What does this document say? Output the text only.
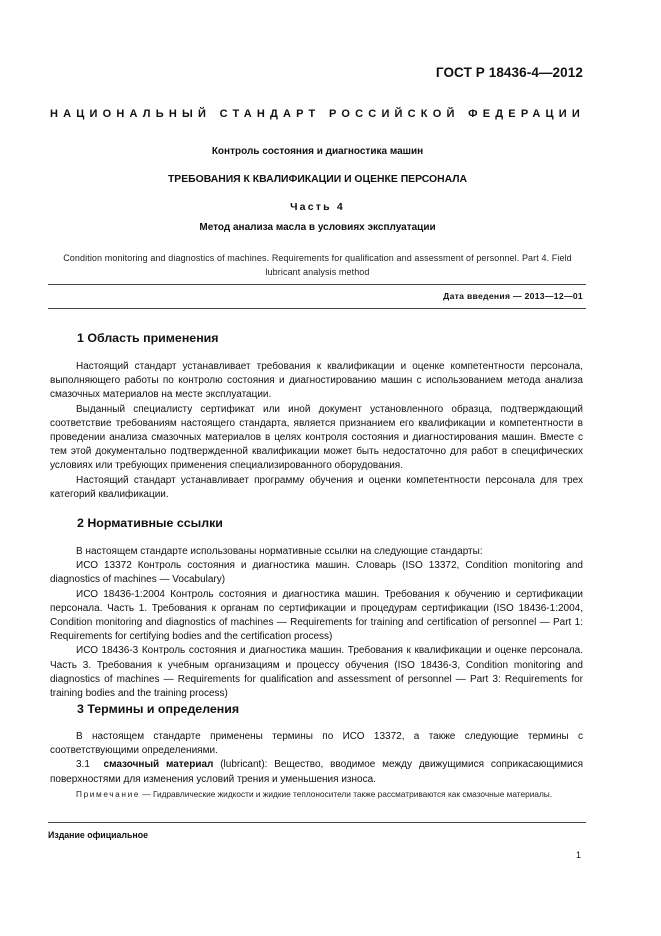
ГОСТ Р 18436-4—2012
НАЦИОНАЛЬНЫЙ СТАНДАРТ РОССИЙСКОЙ ФЕДЕРАЦИИ
Контроль состояния и диагностика машин
ТРЕБОВАНИЯ К КВАЛИФИКАЦИИ И ОЦЕНКЕ ПЕРСОНАЛА
Часть 4
Метод анализа масла в условиях эксплуатации
Condition monitoring and diagnostics of machines. Requirements for qualification and assessment of personnel. Part 4. Field lubricant analysis method
Дата введения — 2013—12—01
1 Область применения

Настоящий стандарт устанавливает требования к квалификации и оценке компетентности персонала, выполняющего работы по контролю состояния и диагностированию машин с использованием метода анализа смазочных материалов на месте эксплуатации.

Выданный специалисту сертификат или иной документ установленного образца, подтверждающий соответствие требованиям настоящего стандарта, является признанием его квалификации и компетентности в проведении анализа смазочных материалов в целях контроля состояния и диагностирования машин. Вместе с тем этой документально подтвержденной квалификации может быть недостаточно для работ в специфических условиях или требующих применения специализированного оборудования.

Настоящий стандарт устанавливает программу обучения и оценки компетентности персонала для трех категорий квалификации.

2 Нормативные ссылки

В настоящем стандарте использованы нормативные ссылки на следующие стандарты:

ИСО 13372 Контроль состояния и диагностика машин. Словарь (ISO 13372, Condition monitoring and diagnostics of machines — Vocabulary)

ИСО 18436-1:2004 Контроль состояния и диагностика машин. Требования к обучению и сертификации персонала. Часть 1. Требования к органам по сертификации и процедурам сертификации (ISO 18436-1:2004, Condition monitoring and diagnostics of machines — Requirements for training and certification of personnel — Part 1: Requirements for certifying bodies and the certification process)

ИСО 18436-3 Контроль состояния и диагностика машин. Требования к квалификации и оценке персонала. Часть 3. Требования к учебным организациям и процессу обучения (ISO 18436-3, Condition monitoring and diagnostics of machines — Requirements for qualification and assessment of personnel — Part 3: Requirements for training bodies and the training process)

3 Термины и определения

В настоящем стандарте применены термины по ИСО 13372, а также следующие термины с соответствующими определениями.

3.1 смазочный материал (lubricant): Вещество, вводимое между движущимися соприкасающимися поверхностями для изменения условий трения и уменьшения износа.

Примечание — Гидравлические жидкости и жидкие теплоносители также рассматриваются как смазочные материалы.
Издание официальное
1
